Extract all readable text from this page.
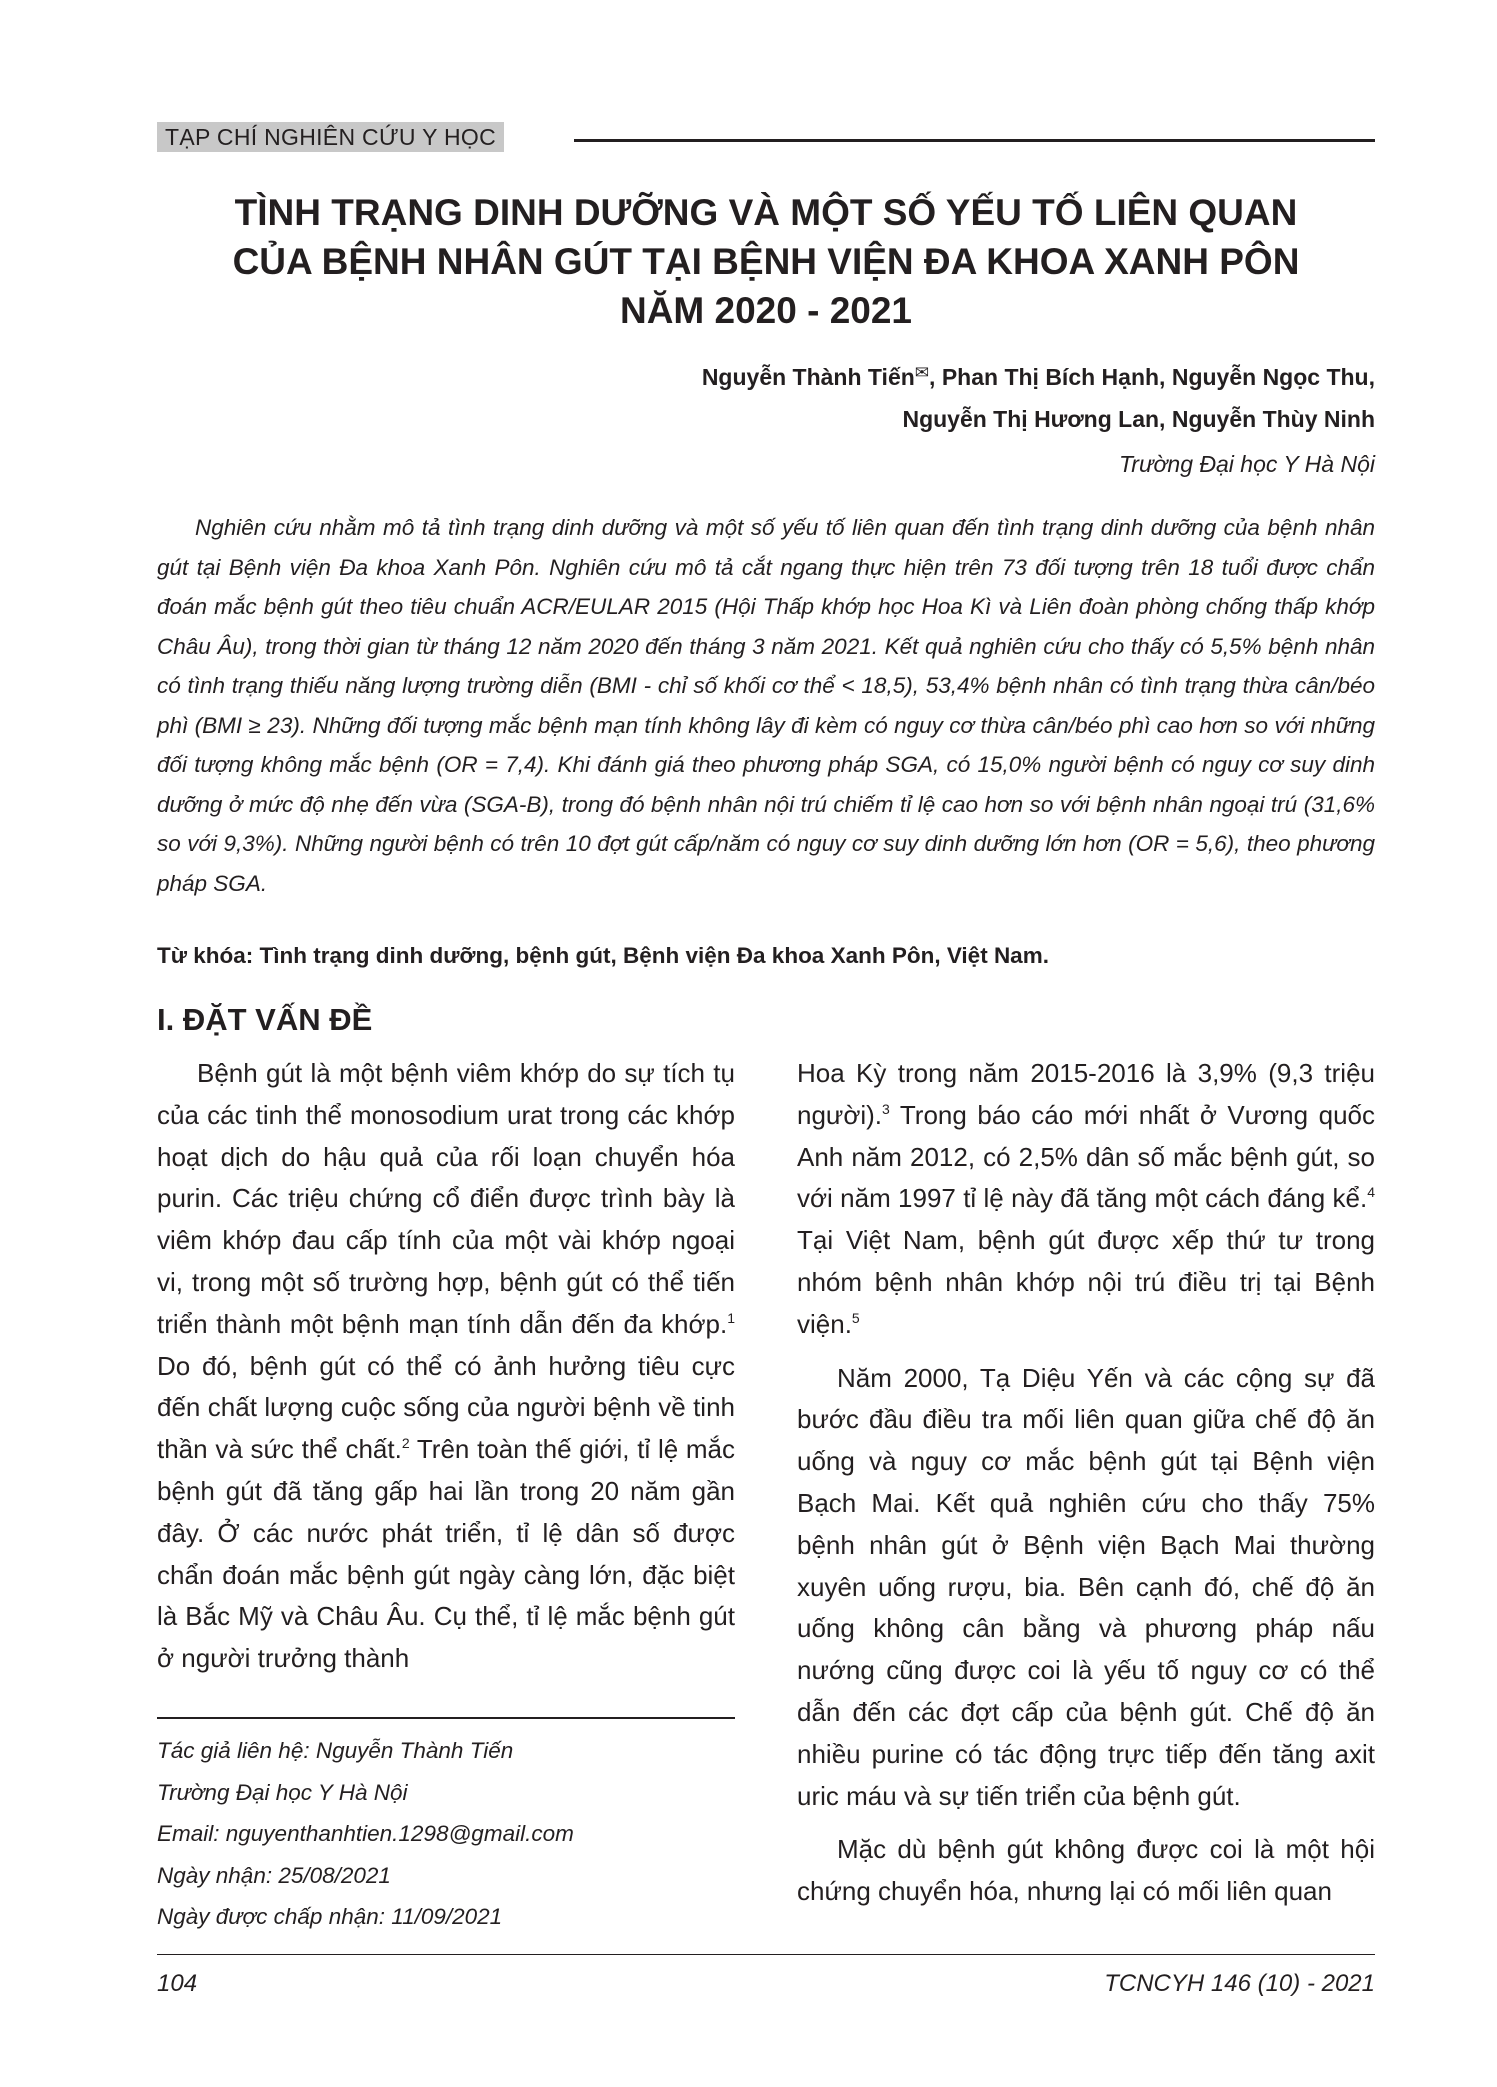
TẠP CHÍ NGHIÊN CỨU Y HỌC
TÌNH TRẠNG DINH DƯỠNG VÀ MỘT SỐ YẾU TỐ LIÊN QUAN
CỦA BỆNH NHÂN GÚT TẠI BỆNH VIỆN ĐA KHOA XANH PÔN
NĂM 2020 - 2021
Nguyễn Thành Tiến✉, Phan Thị Bích Hạnh, Nguyễn Ngọc Thu,
Nguyễn Thị Hương Lan, Nguyễn Thùy Ninh
Trường Đại học Y Hà Nội

Nghiên cứu nhằm mô tả tình trạng dinh dưỡng và một số yếu tố liên quan đến tình trạng dinh dưỡng của bệnh nhân gút tại Bệnh viện Đa khoa Xanh Pôn. Nghiên cứu mô tả cắt ngang thực hiện trên 73 đối tượng trên 18 tuổi được chẩn đoán mắc bệnh gút theo tiêu chuẩn ACR/EULAR 2015 (Hội Thấp khớp học Hoa Kì và Liên đoàn phòng chống thấp khớp Châu Âu), trong thời gian từ tháng 12 năm 2020 đến tháng 3 năm 2021. Kết quả nghiên cứu cho thấy có 5,5% bệnh nhân có tình trạng thiếu năng lượng trường diễn (BMI - chỉ số khối cơ thể < 18,5), 53,4% bệnh nhân có tình trạng thừa cân/béo phì (BMI ≥ 23). Những đối tượng mắc bệnh mạn tính không lây đi kèm có nguy cơ thừa cân/béo phì cao hơn so với những đối tượng không mắc bệnh (OR = 7,4). Khi đánh giá theo phương pháp SGA, có 15,0% người bệnh có nguy cơ suy dinh dưỡng ở mức độ nhẹ đến vừa (SGA-B), trong đó bệnh nhân nội trú chiếm tỉ lệ cao hơn so với bệnh nhân ngoại trú (31,6% so với 9,3%). Những người bệnh có trên 10 đợt gút cấp/năm có nguy cơ suy dinh dưỡng lớn hơn (OR = 5,6), theo phương pháp SGA.

Từ khóa: Tình trạng dinh dưỡng, bệnh gút, Bệnh viện Đa khoa Xanh Pôn, Việt Nam.
I. ĐẶT VẤN ĐỀ

Bệnh gút là một bệnh viêm khớp do sự tích tụ của các tinh thể monosodium urat trong các khớp hoạt dịch do hậu quả của rối loạn chuyển hóa purin. Các triệu chứng cổ điển được trình bày là viêm khớp đau cấp tính của một vài khớp ngoại vi, trong một số trường hợp, bệnh gút có thể tiến triển thành một bệnh mạn tính dẫn đến đa khớp.$^1$ Do đó, bệnh gút có thể có ảnh hưởng tiêu cực đến chất lượng cuộc sống của người bệnh về tinh thần và sức thể chất.$^2$ Trên toàn thế giới, tỉ lệ mắc bệnh gút đã tăng gấp hai lần trong 20 năm gần đây. Ở các nước phát triển, tỉ lệ dân số được chẩn đoán mắc bệnh gút ngày càng lớn, đặc biệt là Bắc Mỹ và Châu Âu. Cụ thể, tỉ lệ mắc bệnh gút ở người trưởng thành

Hoa Kỳ trong năm 2015-2016 là 3,9% (9,3 triệu người).$^3$ Trong báo cáo mới nhất ở Vương quốc Anh năm 2012, có 2,5% dân số mắc bệnh gút, so với năm 1997 tỉ lệ này đã tăng một cách đáng kể.$^4$ Tại Việt Nam, bệnh gút được xếp thứ tư trong nhóm bệnh nhân khớp nội trú điều trị tại Bệnh viện.$^5$

Năm 2000, Tạ Diệu Yến và các cộng sự đã bước đầu điều tra mối liên quan giữa chế độ ăn uống và nguy cơ mắc bệnh gút tại Bệnh viện Bạch Mai. Kết quả nghiên cứu cho thấy 75% bệnh nhân gút ở Bệnh viện Bạch Mai thường xuyên uống rượu, bia. Bên cạnh đó, chế độ ăn uống không cân bằng và phương pháp nấu nướng cũng được coi là yếu tố nguy cơ có thể dẫn đến các đợt cấp của bệnh gút. Chế độ ăn nhiều purine có tác động trực tiếp đến tăng axit uric máu và sự tiến triển của bệnh gút.

Mặc dù bệnh gút không được coi là một hội chứng chuyển hóa, nhưng lại có mối liên quan

Tác giả liên hệ: Nguyễn Thành Tiến
Trường Đại học Y Hà Nội
Email: nguyenthanhtien.1298@gmail.com
Ngày nhận: 25/08/2021
Ngày được chấp nhận: 11/09/2021
104	TCNCYH 146 (10) - 2021
